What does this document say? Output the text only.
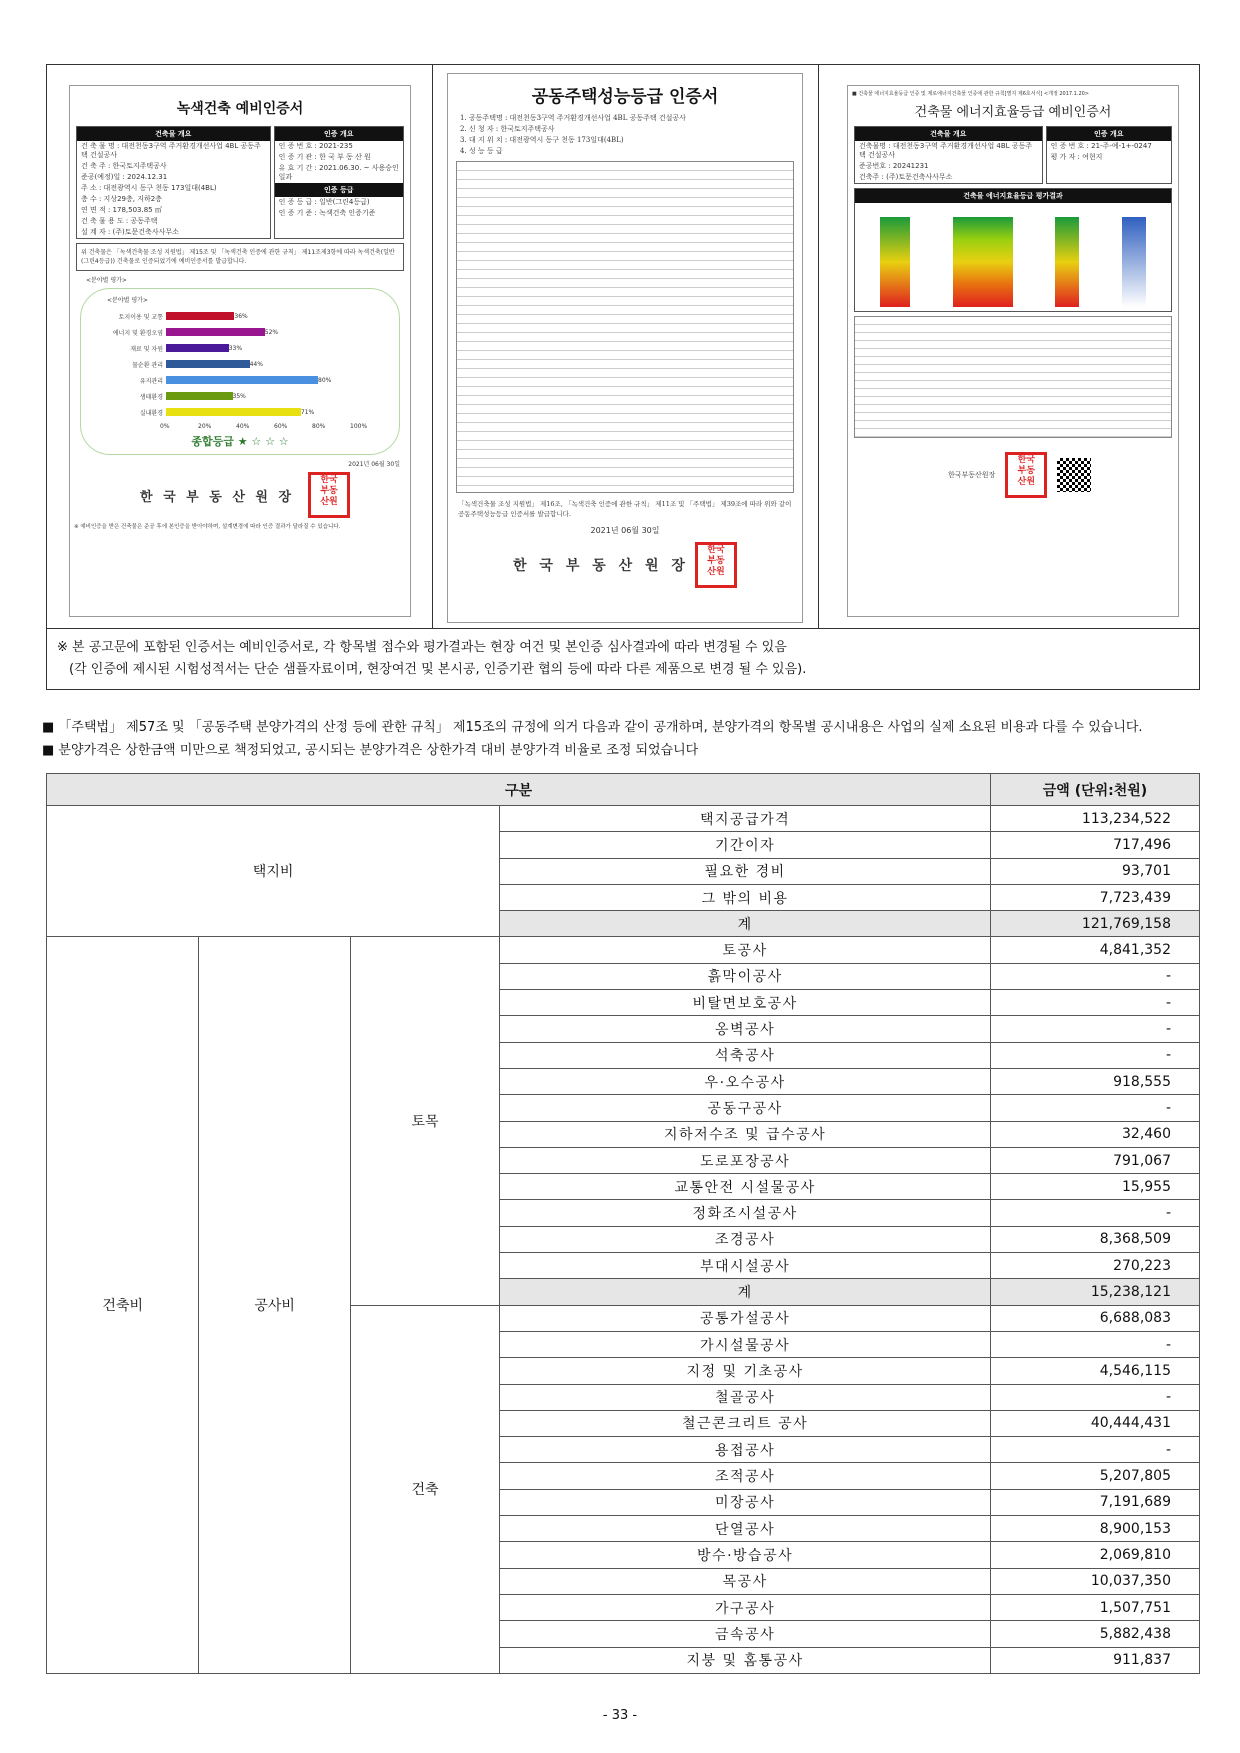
녹색건축 예비인증서
건축물 개요
건 축 물 명 : 대전천동3구역 주거환경개선사업 4BL 공동주택 건설공사
건 축 주 : 한국토지주택공사
준공(예정)일 : 2024.12.31
주 소 : 대전광역시 동구 천동 173일대(4BL)
층 수 : 지상29층, 지하2층
연 면 적 : 178,503.85 ㎡
건 축 물 용 도 : 공동주택
설 계 자 : (주)토문건축사사무소
인증 개요
인 증 번 호 : 2021-235
인 증 기 관 : 한 국 부 동 산 원
유 효 기 간 : 2021.06.30. ~ 사용승인일과
인증 등급
인 증 등 급 : 일반(그린4등급)
인 증 기 준 : 녹색건축 인증기준
위 건축물은 「녹색건축물 조성 지원법」 제15조 및 「녹색건축 인증에 관한 규칙」 제11조제3항에 따라 녹색건축(일반(그린4등급)) 건축물로 인증되었기에 예비인증서를 발급합니다.
<분야별 평가>
<분야별 평가>
토지이용 및 교통	36%
에너지 및 환경오염	52%
재료 및 자원	33%
물순환 관리	44%
유지관리	80%
생태환경	35%
실내환경	71%
0%	20%	40%	60%	80%	100%
종합등급 ★ ☆ ☆ ☆
2021년 06월 30일
한 국 부 동 산 원 장
한국
부동
산원
※ 예비인증을 받은 건축물은 준공 후에 본인증을 받아야하며, 설계변경에 따라 인증 결과가 달라질 수 있습니다.
공동주택성능등급 인증서
1. 공동주택명 : 대전천동3구역 주거환경개선사업 4BL 공동주택 건설공사
2. 신 청 자 : 한국토지주택공사
3. 대 지 위 치 : 대전광역시 동구 천동 173일대(4BL)
4. 성 능 등 급
「녹색건축물 조성 지원법」 제16조, 「녹색건축 인증에 관한 규칙」 제11조 및 「주택법」 제39조에 따라 위와 같이 공동주택성능등급 인증서를 발급합니다.
2021년 06월 30일
한 국 부 동 산 원 장
한국
부동
산원
■ 건축물 에너지효율등급 인증 및 제로에너지건축물 인증에 관한 규칙[별지 제6호서식] <개정 2017.1.20>
건축물 에너지효율등급 예비인증서
건축물 개요
건축물명 : 대전천동3구역 주거환경개선사업 4BL 공동주택 건설공사
준공번호 : 20241231
건축주 : (주)토문건축사사무소
인증 개요
인 증 번 호 : 21-주-예-1+-0247
평 가 자 : 여현지
건축물 에너지효율등급 평가결과
한국부동산원장
한국
부동
산원
※ 본 공고문에 포함된 인증서는 예비인증서로, 각 항목별 점수와 평가결과는 현장 여건 및 본인증 심사결과에 따라 변경될 수 있음
(각 인증에 제시된 시험성적서는 단순 샘플자료이며, 현장여건 및 본시공, 인증기관 협의 등에 따라 다른 제품으로 변경 될 수 있음).
■ 「주택법」 제57조 및 「공동주택 분양가격의 산정 등에 관한 규칙」 제15조의 규정에 의거 다음과 같이 공개하며, 분양가격의 항목별 공시내용은 사업의 실제 소요된 비용과 다를 수 있습니다.
■ 분양가격은 상한금액 미만으로 책정되었고, 공시되는 분양가격은 상한가격 대비 분양가격 비율로 조정 되었습니다
구분				금액 (단위:천원)
택지비			택지공급가격	113,234,522
			기간이자	717,496
			필요한 경비	93,701
			그 밖의 비용	7,723,439
			계	121,769,158
건축비	공사비	토목	토공사	4,841,352
			흙막이공사	-
			비탈면보호공사	-
			옹벽공사	-
			석축공사	-
			우·오수공사	918,555
			공동구공사	-
			지하저수조 및 급수공사	32,460
			도로포장공사	791,067
			교통안전 시설물공사	15,955
			정화조시설공사	-
			조경공사	8,368,509
			부대시설공사	270,223
			계	15,238,121
		건축	공통가설공사	6,688,083
			가시설물공사	-
			지정 및 기초공사	4,546,115
			철골공사	-
			철근콘크리트 공사	40,444,431
			용접공사	-
			조적공사	5,207,805
			미장공사	7,191,689
			단열공사	8,900,153
			방수·방습공사	2,069,810
			목공사	10,037,350
			가구공사	1,507,751
			금속공사	5,882,438
			지붕 및 홈통공사	911,837
- 33 -
